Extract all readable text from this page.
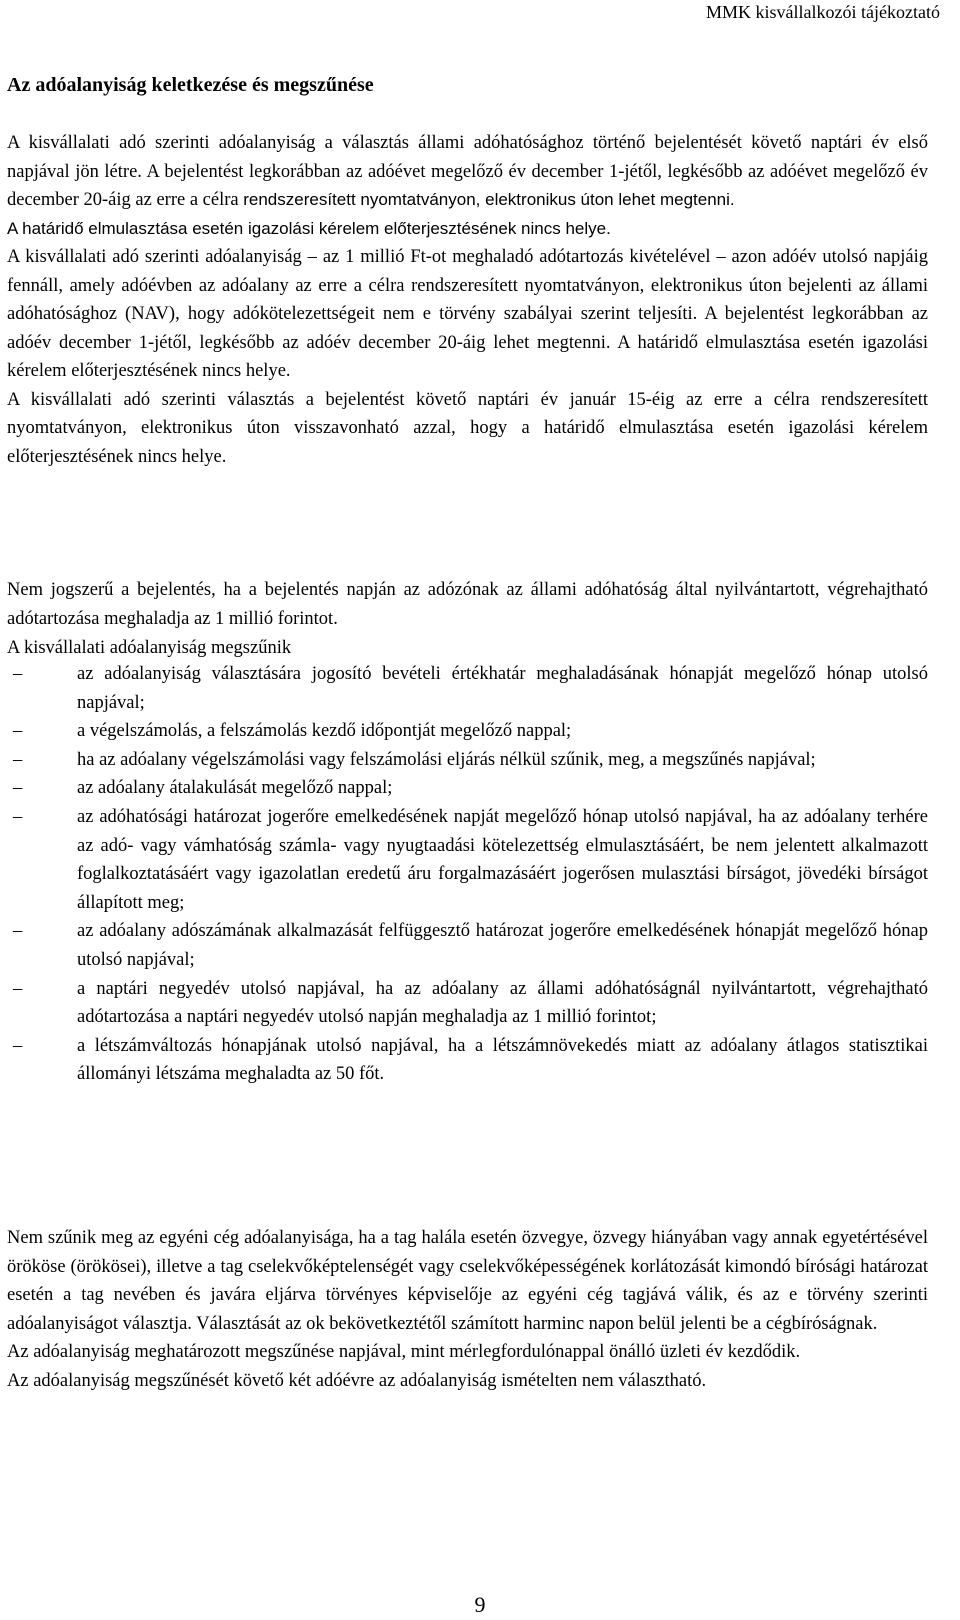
MMK kisvállalkozói tájékoztató
Az adóalanyiság keletkezése és megszűnése
A kisvállalati adó szerinti adóalanyiság a választás állami adóhatósághoz történő bejelentését követő naptári év első napjával jön létre. A bejelentést legkorábban az adóévet megelőző év december 1-jétől, legkésőbb az adóévet megelőző év december 20-áig az erre a célra rendszeresített nyomtatványon, elektronikus úton lehet megtenni.
A határidő elmulasztása esetén igazolási kérelem előterjesztésének nincs helye.
A kisvállalati adó szerinti adóalanyiság – az 1 millió Ft-ot meghaladó adótartozás kivételével – azon adóév utolsó napjáig fennáll, amely adóévben az adóalany az erre a célra rendszeresített nyomtatványon, elektronikus úton bejelenti az állami adóhatósághoz (NAV), hogy adókötelezettségeit nem e törvény szabályai szerint teljesíti. A bejelentést legkorábban az adóév december 1-jétől, legkésőbb az adóév december 20-áig lehet megtenni. A határidő elmulasztása esetén igazolási kérelem előterjesztésének nincs helye.
A kisvállalati adó szerinti választás a bejelentést követő naptári év január 15-éig az erre a célra rendszeresített nyomtatványon, elektronikus úton visszavonható azzal, hogy a határidő elmulasztása esetén igazolási kérelem előterjesztésének nincs helye.
Nem jogszerű a bejelentés, ha a bejelentés napján az adózónak az állami adóhatóság által nyilvántartott, végrehajtható adótartozása meghaladja az 1 millió forintot.
A kisvállalati adóalanyiság megszűnik
–	az adóalanyiság választására jogosító bevételi értékhatár meghaladásának hónapját megelőző hónap utolsó napjával;
–	a végelszámolás, a felszámolás kezdő időpontját megelőző nappal;
–	ha az adóalany végelszámolási vagy felszámolási eljárás nélkül szűnik, meg, a megszűnés napjával;
–	az adóalany átalakulását megelőző nappal;
–	az adóhatósági határozat jogerőre emelkedésének napját megelőző hónap utolsó napjával, ha az adóalany terhére az adó- vagy vámhatóság számla- vagy nyugtaadási kötelezettség elmulasztásáért, be nem jelentett alkalmazott foglalkoztatásáért vagy igazolatlan eredetű áru forgalmazásáért jogerősen mulasztási bírságot, jövedéki bírságot állapított meg;
–	az adóalany adószámának alkalmazását felfüggesztő határozat jogerőre emelkedésének hónapját megelőző hónap utolsó napjával;
–	a naptári negyedév utolsó napjával, ha az adóalany az állami adóhatóságnál nyilvántartott, végrehajtható adótartozása a naptári negyedév utolsó napján meghaladja az 1 millió forintot;
–	a létszámváltozás hónapjának utolsó napjával, ha a létszámnövekedés miatt az adóalany átlagos statisztikai állományi létszáma meghaladta az 50 főt.
Nem szűnik meg az egyéni cég adóalanyisága, ha a tag halála esetén özvegye, özvegy hiányában vagy annak egyetértésével örököse (örökösei), illetve a tag cselekvőképtelenségét vagy cselekvőképességének korlátozását kimondó bírósági határozat esetén a tag nevében és javára eljárva törvényes képviselője az egyéni cég tagjává válik, és az e törvény szerinti adóalanyiságot választja. Választását az ok bekövetkeztétől számított harminc napon belül jelenti be a cégbíróságnak.
Az adóalanyiság meghatározott megszűnése napjával, mint mérlegfordulónappal önálló üzleti év kezdődik.
Az adóalanyiság megszűnését követő két adóévre az adóalanyiság ismételten nem választható.
9
